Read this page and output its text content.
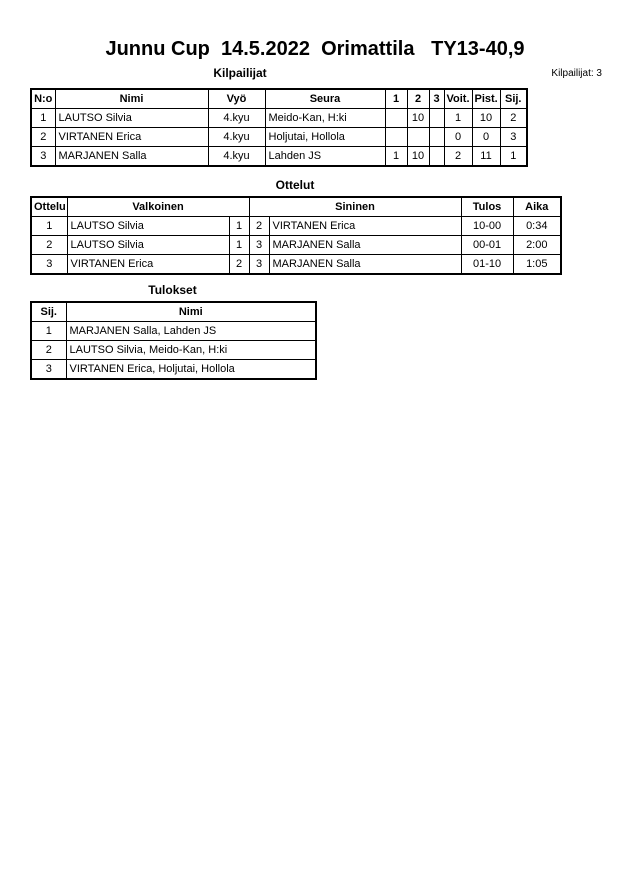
Junnu Cup  14.5.2022  Orimattila   TY13-40,9
Kilpailijat: 3
Kilpailijat
N:o	Nimi	Vyö	Seura	1	2	3	Voit.	Pist.	Sij.
1	LAUTSO Silvia	4.kyu	Meido-Kan, H:ki		10		1	10	2
2	VIRTANEN Erica	4.kyu	Holjutai, Hollola				0	0	3
3	MARJANEN Salla	4.kyu	Lahden JS	1	10		2	11	1
Ottelut
Ottelu	Valkoinen		Sininen		Tulos	Aika
1	LAUTSO Silvia	1	2	VIRTANEN Erica	10-00	0:34
2	LAUTSO Silvia	1	3	MARJANEN Salla	00-01	2:00
3	VIRTANEN Erica	2	3	MARJANEN Salla	01-10	1:05
Tulokset
Sij.	Nimi
1	MARJANEN Salla, Lahden JS
2	LAUTSO Silvia, Meido-Kan, H:ki
3	VIRTANEN Erica, Holjutai, Hollola
